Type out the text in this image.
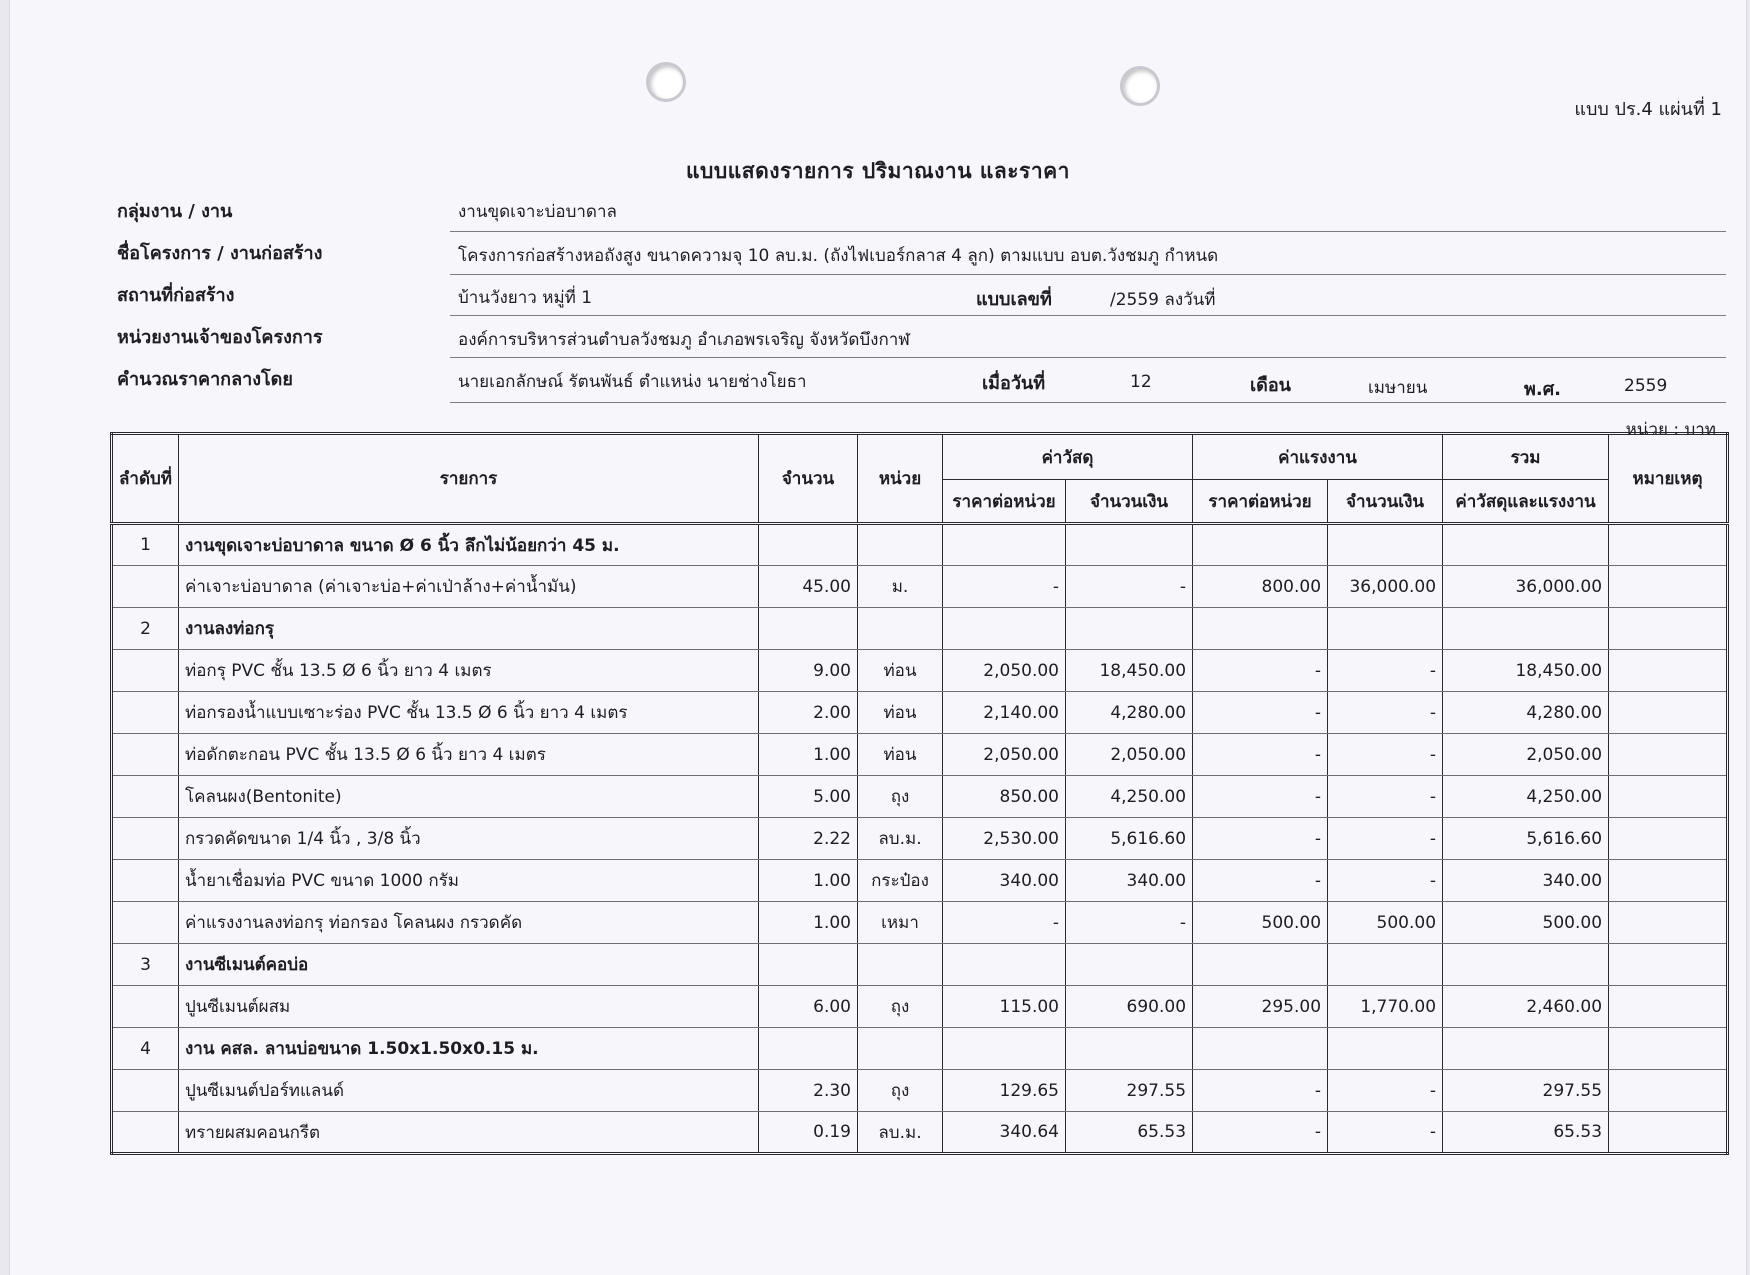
แบบ ปร.4 แผ่นที่ 1
แบบแสดงรายการ ปริมาณงาน และราคา
กลุ่มงาน / งาน	งานขุดเจาะบ่อบาดาล
ชื่อโครงการ / งานก่อสร้าง	โครงการก่อสร้างหอถังสูง ขนาดความจุ 10 ลบ.ม. (ถังไฟเบอร์กลาส 4 ลูก) ตามแบบ อบต.วังชมภู กำหนด
สถานที่ก่อสร้าง	บ้านวังยาว หมู่ที่ 1	แบบเลขที่	/2559 ลงวันที่
หน่วยงานเจ้าของโครงการ	องค์การบริหารส่วนตำบลวังชมภู อำเภอพรเจริญ จังหวัดบึงกาฬ
คำนวณราคากลางโดย	นายเอกลักษณ์ รัตนพันธ์ ตำแหน่ง นายช่างโยธา	เมื่อวันที่	12	เดือน	เมษายน	พ.ศ.	2559
หน่วย : บาท
ลำดับที่	รายการ	จำนวน	หน่วย	ค่าวัสดุ		ค่าแรงงาน		รวม	หมายเหตุ
				ราคาต่อหน่วย	จำนวนเงิน	ราคาต่อหน่วย	จำนวนเงิน	ค่าวัสดุและแรงงาน	
1	งานขุดเจาะบ่อบาดาล ขนาด Ø 6 นิ้ว ลึกไม่น้อยกว่า 45 ม.								
	ค่าเจาะบ่อบาดาล (ค่าเจาะบ่อ+ค่าเป่าล้าง+ค่าน้ำมัน)	45.00	ม.	-	-	800.00	36,000.00	36,000.00	
2	งานลงท่อกรุ								
	ท่อกรุ PVC ชั้น 13.5 Ø 6 นิ้ว ยาว 4 เมตร	9.00	ท่อน	2,050.00	18,450.00	-	-	18,450.00	
	ท่อกรองน้ำแบบเซาะร่อง PVC ชั้น 13.5 Ø 6 นิ้ว ยาว 4 เมตร	2.00	ท่อน	2,140.00	4,280.00	-	-	4,280.00	
	ท่อดักตะกอน PVC ชั้น 13.5 Ø 6 นิ้ว ยาว 4 เมตร	1.00	ท่อน	2,050.00	2,050.00	-	-	2,050.00	
	โคลนผง(Bentonite)	5.00	ถุง	850.00	4,250.00	-	-	4,250.00	
	กรวดคัดขนาด 1/4 นิ้ว , 3/8 นิ้ว	2.22	ลบ.ม.	2,530.00	5,616.60	-	-	5,616.60	
	น้ำยาเชื่อมท่อ PVC ขนาด 1000 กรัม	1.00	กระป๋อง	340.00	340.00	-	-	340.00	
	ค่าแรงงานลงท่อกรุ ท่อกรอง โคลนผง กรวดคัด	1.00	เหมา	-	-	500.00	500.00	500.00	
3	งานซีเมนต์คอบ่อ								
	ปูนซีเมนต์ผสม	6.00	ถุง	115.00	690.00	295.00	1,770.00	2,460.00	
4	งาน คสล. ลานบ่อขนาด 1.50x1.50x0.15 ม.								
	ปูนซีเมนต์ปอร์ทแลนด์	2.30	ถุง	129.65	297.55	-	-	297.55	
	ทรายผสมคอนกรีต	0.19	ลบ.ม.	340.64	65.53	-	-	65.53	
